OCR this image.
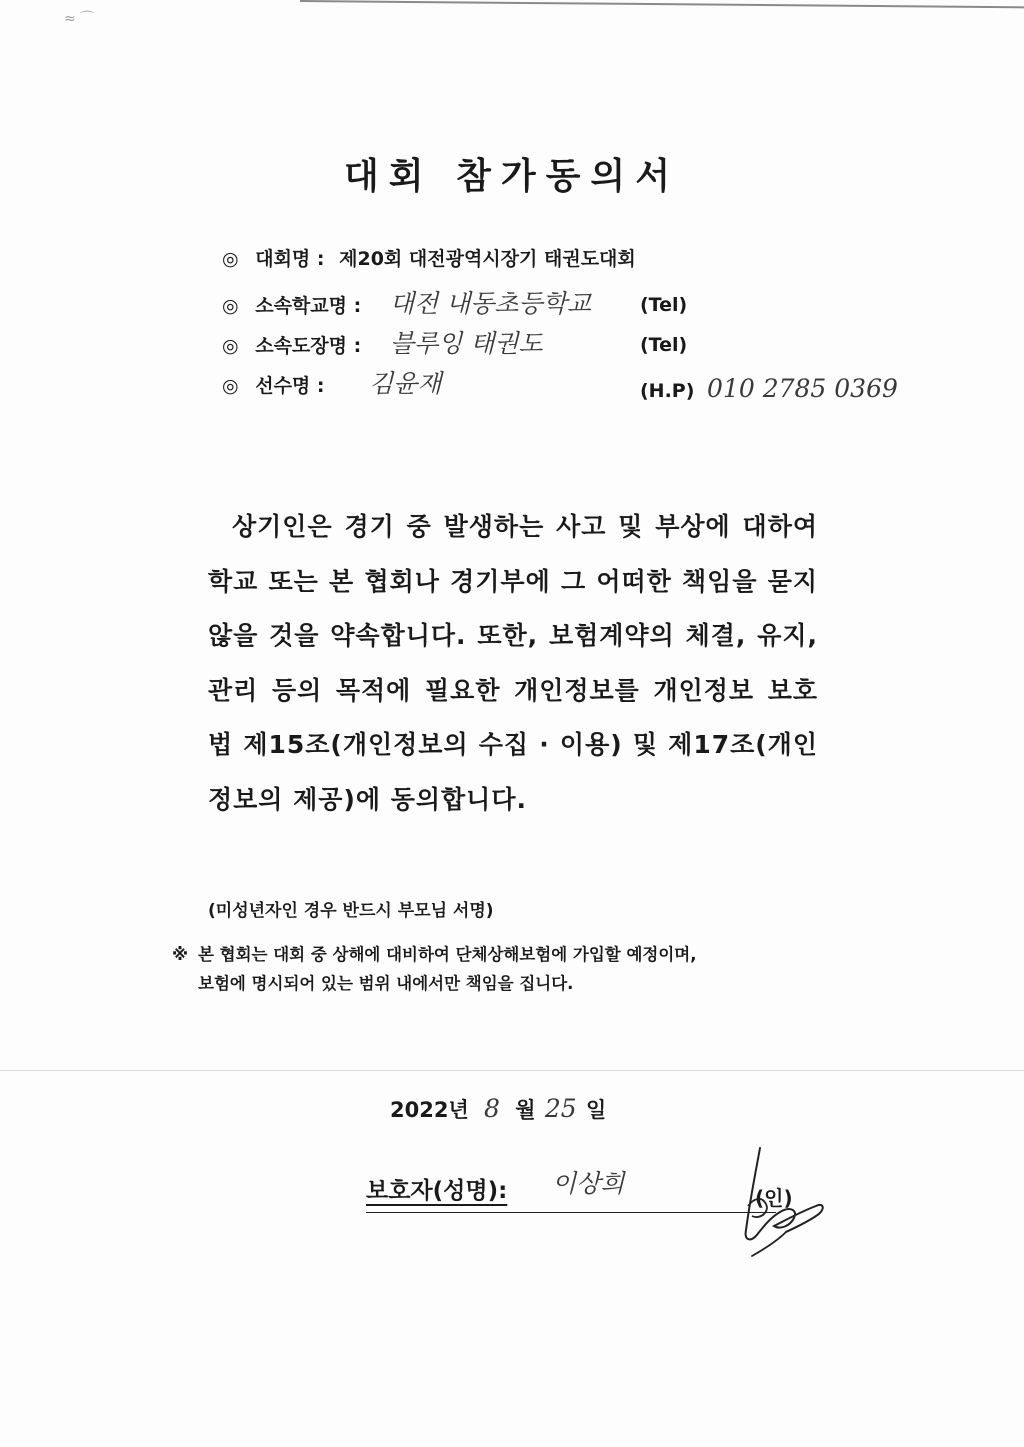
≈ ⌒
대회 참가동의서
◎ 대회명 : 제20회 대전광역시장기 태권도대회
◎ 소속학교명 : 대전 내동초등학교	(Tel)
◎ 소속도장명 : 블루잉 태권도	(Tel)
◎ 선수명 : 김윤재	(H.P) 010 2785 0369
상기인은 경기 중 발생하는 사고 및 부상에 대하여 학교 또는 본 협회나 경기부에 그 어떠한 책임을 묻지 않을 것을 약속합니다. 또한, 보험계약의 체결, 유지, 관리 등의 목적에 필요한 개인정보를 개인정보 보호법 제15조(개인정보의 수집 · 이용) 및 제17조(개인정보의 제공)에 동의합니다.
(미성년자인 경우 반드시 부모님 서명)
※ 본 협회는 대회 중 상해에 대비하여 단체상해보험에 가입할 예정이며,
보험에 명시되어 있는 범위 내에서만 책임을 집니다.
2022년 8 월 25 일
보호자(성명): 이상희	(인)
